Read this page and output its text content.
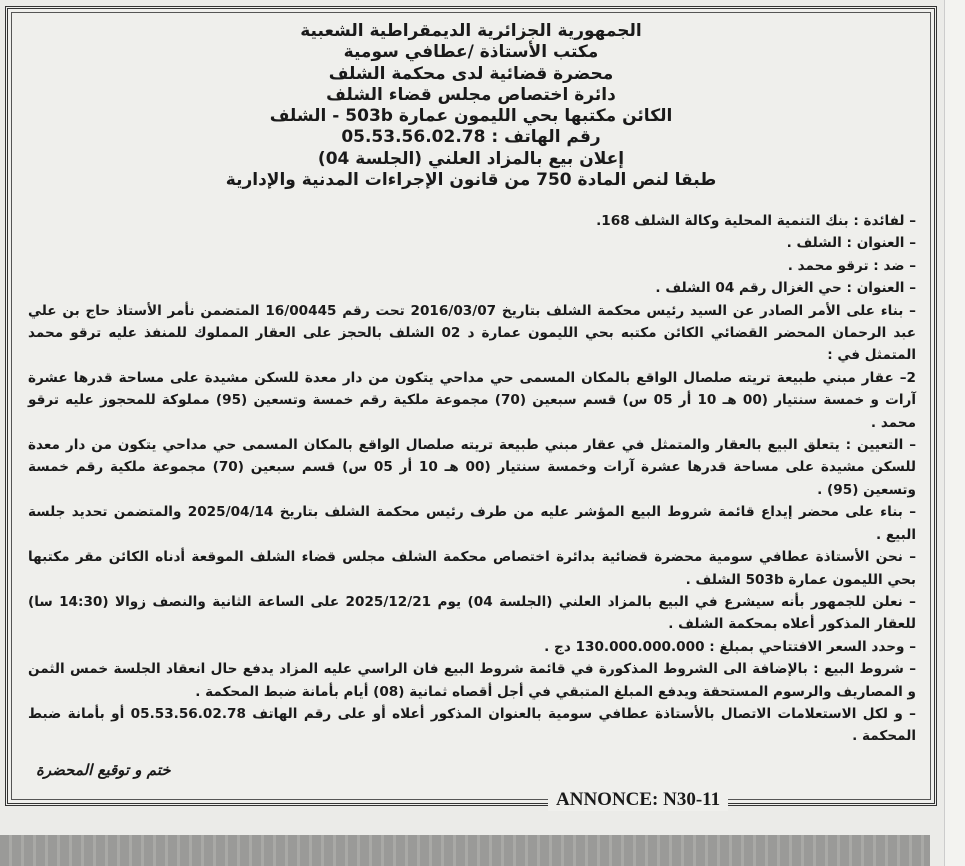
الجمهورية الجزائرية الديمقراطية الشعبية
مكتب الأستاذة /عطافي سومية
محضرة قضائية لدى محكمة الشلف
دائرة اختصاص مجلس قضاء الشلف
الكائن مكتبها بحي الليمون عمارة 503b - الشلف
رقم الهاتف : 05.53.56.02.78
إعلان بيع بالمزاد العلني (الجلسة 04)
طبقا لنص المادة 750 من قانون الإجراءات المدنية والإدارية

– لفائدة : بنك التنمية المحلية وكالة الشلف 168.

– العنوان : الشلف .

– ضد : ترقو محمد .

– العنوان : حي الغزال رقم 04 الشلف .

– بناء على الأمر الصادر عن السيد رئيس محكمة الشلف بتاريخ 2016/03/07 تحت رقم 16/00445 المتضمن نأمر الأستاذ حاج بن علي عبد الرحمان المحضر القضائي الكائن مكتبه بحي الليمون عمارة د 02 الشلف بالحجز على العقار المملوك للمنفذ عليه ترقو محمد المتمثل في :

2– عقار مبني طبيعة تريته صلصال الواقع بالمكان المسمى حي مداحي يتكون من دار معدة للسكن مشيدة على مساحة قدرها عشرة آرات و خمسة سنتيار (00 هـ 10 أر 05 س) قسم سبعين (70) مجموعة ملكية رقم خمسة وتسعين (95) مملوكة للمحجوز عليه ترقو محمد .

– التعيين : يتعلق البيع بالعقار والمتمثل في عقار مبني طبيعة تريته صلصال الواقع بالمكان المسمى حي مداحي يتكون من دار معدة للسكن مشيدة على مساحة قدرها عشرة آرات وخمسة سنتيار (00 هـ 10 أر 05 س) قسم سبعين (70) مجموعة ملكية رقم خمسة وتسعين (95) .

– بناء على محضر إيداع قائمة شروط البيع المؤشر عليه من طرف رئيس محكمة الشلف بتاريخ 2025/04/14 والمتضمن تحديد جلسة البيع .

– نحن الأستاذة عطافي سومية محضرة قضائية بدائرة اختصاص محكمة الشلف مجلس قضاء الشلف الموقعة أدناه الكائن مقر مكتبها بحي الليمون عمارة 503b الشلف .

– نعلن للجمهور بأنه سيشرع في البيع بالمزاد العلني (الجلسة 04) يوم 2025/12/21 على الساعة الثانية والنصف زوالا (14:30 سا) للعقار المذكور أعلاه بمحكمة الشلف .

– وحدد السعر الافتتاحي بمبلغ : 130.000.000.000 دج .

– شروط البيع : بالإضافة الى الشروط المذكورة في قائمة شروط البيع فان الراسي عليه المزاد يدفع حال انعقاد الجلسة خمس الثمن و المصاريف والرسوم المستحقة ويدفع المبلغ المتبقي في أجل أقصاه ثمانية (08) أيام بأمانة ضبط المحكمة .

– و لكل الاستعلامات الاتصال بالأستاذة عطافي سومية بالعنوان المذكور أعلاه أو على رقم الهاتف 05.53.56.02.78 أو بأمانة ضبط المحكمة .

ختم و توقيع المحضرة
ANNONCE: N30-11
